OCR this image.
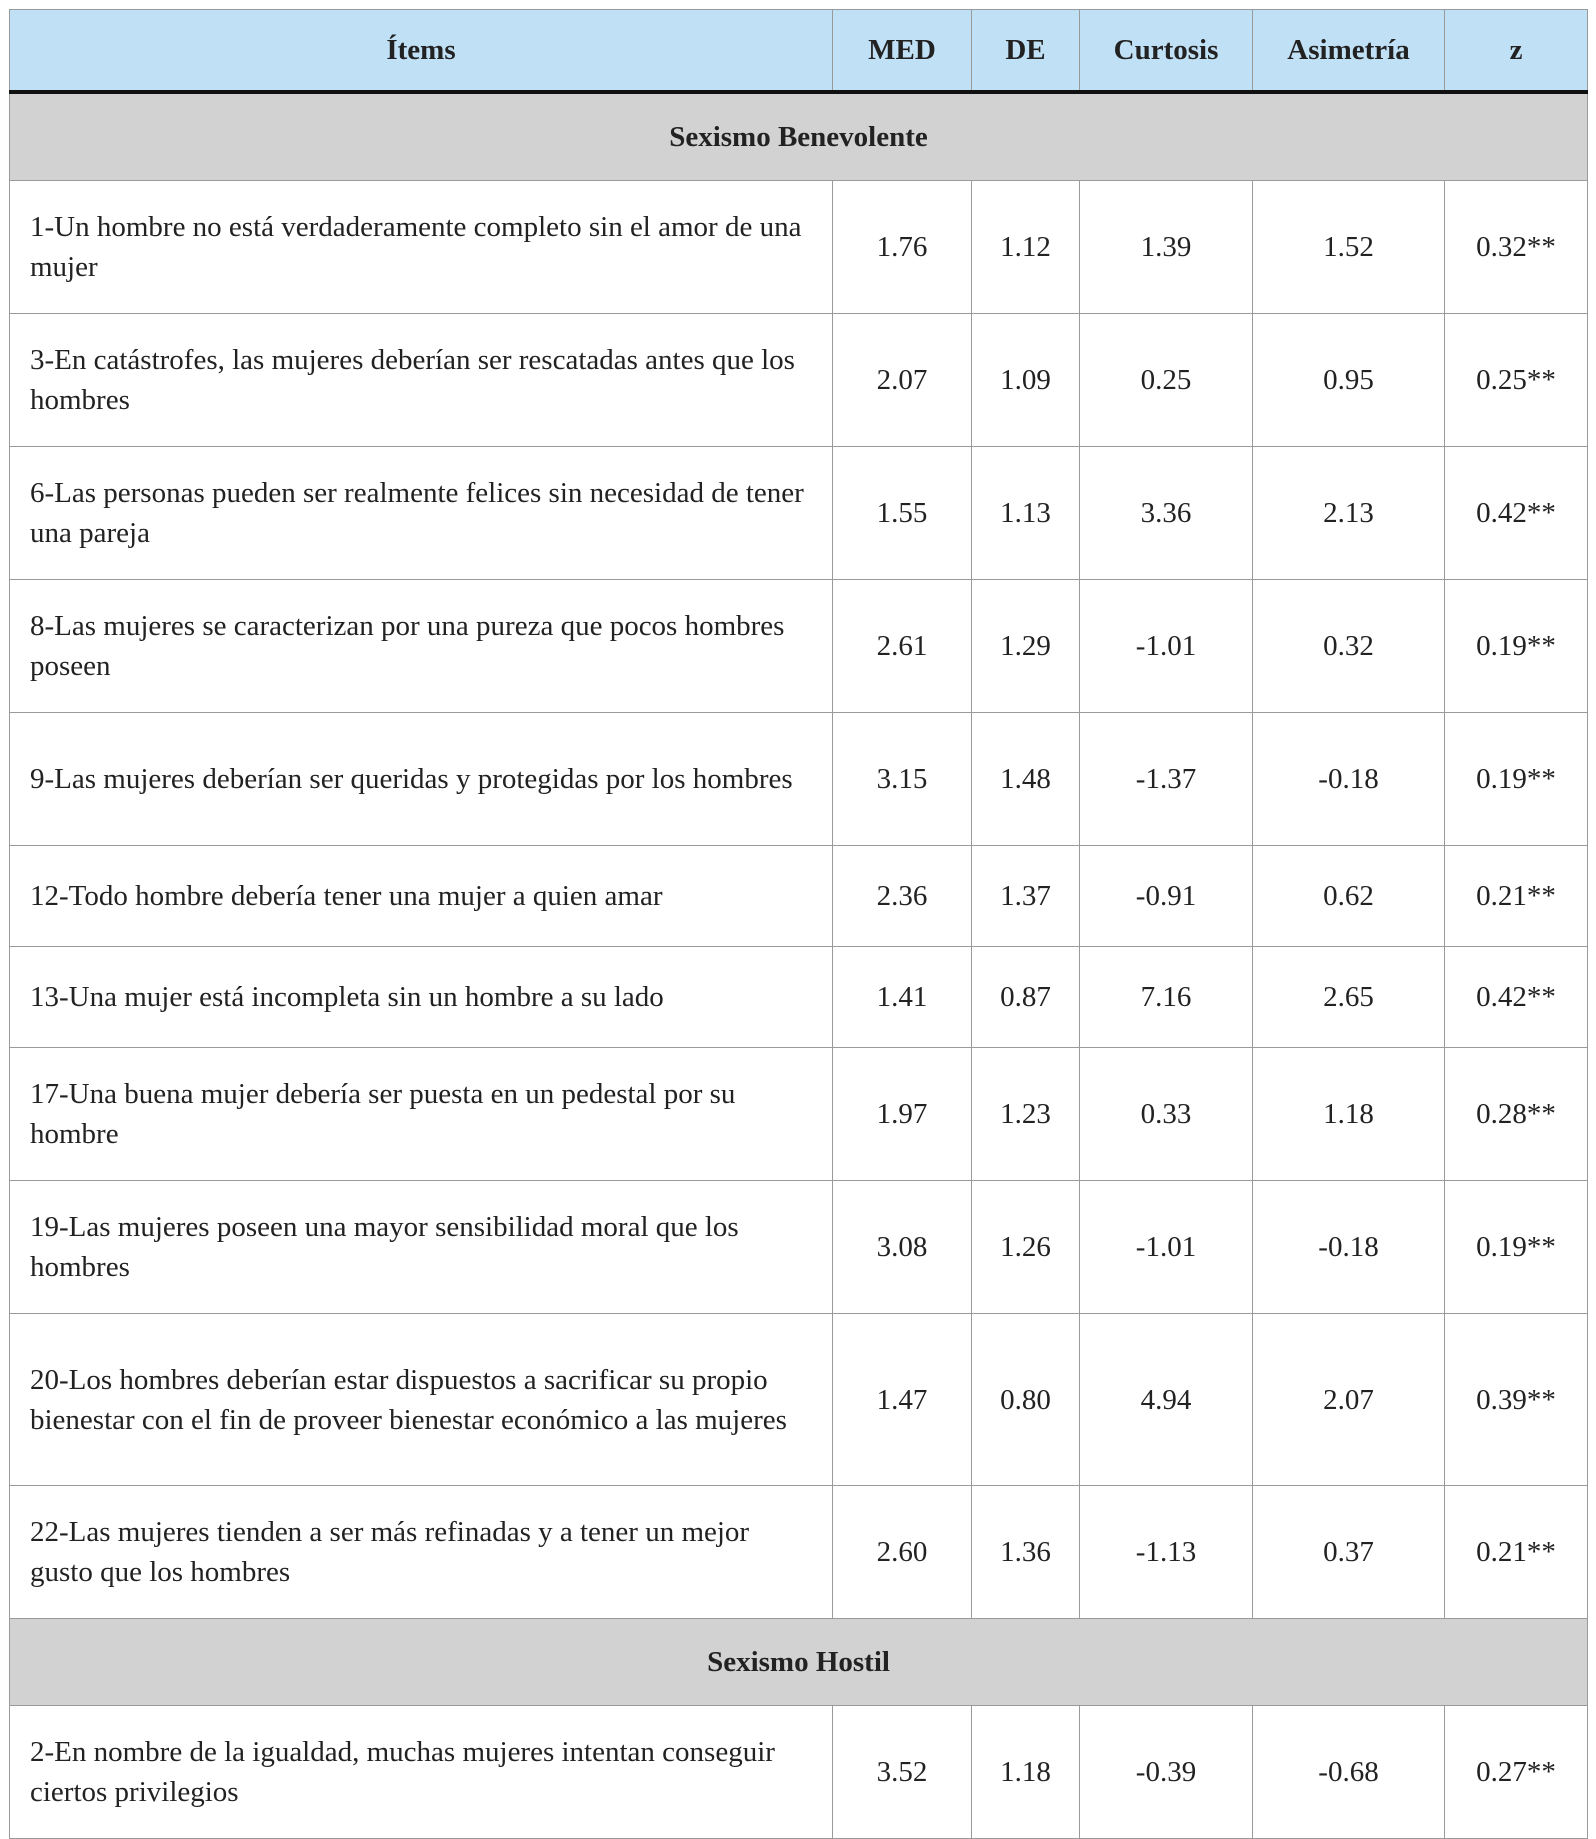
Ítems	MED	DE	Curtosis	Asimetría	z
Sexismo Benevolente					
1-Un hombre no está verdaderamente completo sin el amor de una mujer	1.76	1.12	1.39	1.52	0.32**
3-En catástrofes, las mujeres deberían ser rescatadas antes que los hombres	2.07	1.09	0.25	0.95	0.25**
6-Las personas pueden ser realmente felices sin necesidad de tener una pareja	1.55	1.13	3.36	2.13	0.42**
8-Las mujeres se caracterizan por una pureza que pocos hombres poseen	2.61	1.29	-1.01	0.32	0.19**
9-Las mujeres deberían ser queridas y protegidas por los hombres	3.15	1.48	-1.37	-0.18	0.19**
12-Todo hombre debería tener una mujer a quien amar	2.36	1.37	-0.91	0.62	0.21**
13-Una mujer está incompleta sin un hombre a su lado	1.41	0.87	7.16	2.65	0.42**
17-Una buena mujer debería ser puesta en un pedestal por su hombre	1.97	1.23	0.33	1.18	0.28**
19-Las mujeres poseen una mayor sensibilidad moral que los hombres	3.08	1.26	-1.01	-0.18	0.19**
20-Los hombres deberían estar dispuestos a sacrificar su propio bienestar con el fin de proveer bienestar económico a las mujeres	1.47	0.80	4.94	2.07	0.39**
22-Las mujeres tienden a ser más refinadas y a tener un mejor gusto que los hombres	2.60	1.36	-1.13	0.37	0.21**
Sexismo Hostil					
2-En nombre de la igualdad, muchas mujeres intentan conseguir ciertos privilegios	3.52	1.18	-0.39	-0.68	0.27**
